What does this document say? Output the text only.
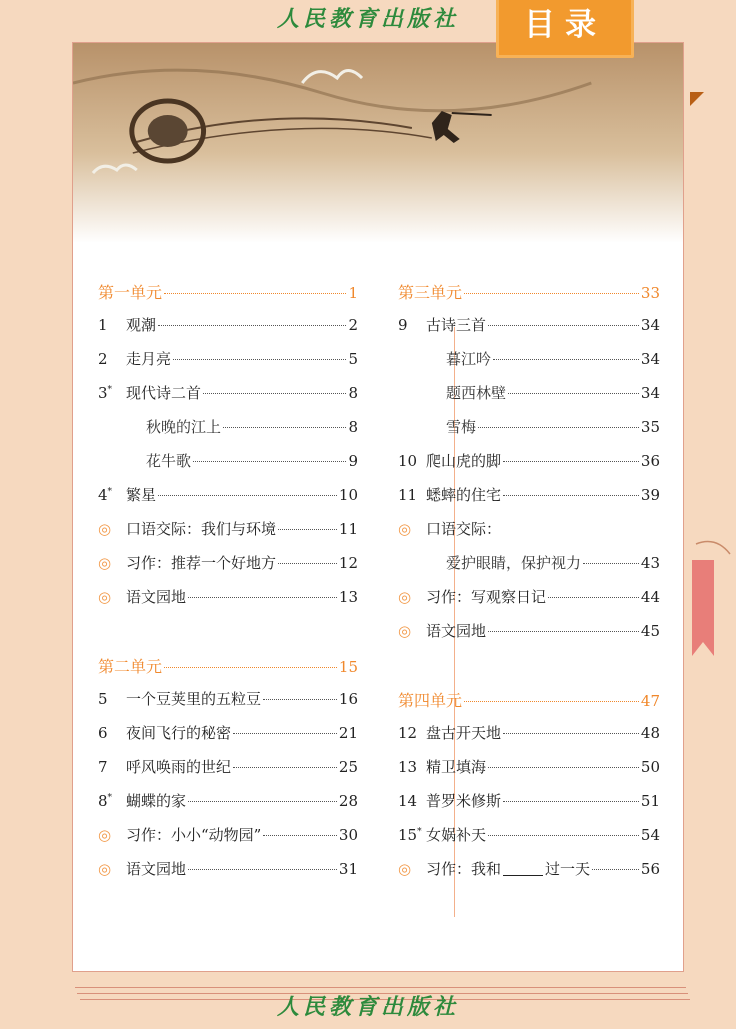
人民教育出版社	目录
第一单元	1
1	观潮	2
2	走月亮	5
3* 现代诗二首	8
秋晚的江上	8
花牛歌	9
4* 繁星	10
◎ 口语交际：我们与环境	11
◎ 习作：推荐一个好地方	12
◎ 语文园地	13
第二单元	15
5	一个豆荚里的五粒豆	16
6	夜间飞行的秘密	21
7	呼风唤雨的世纪	25
8* 蝴蝶的家	28
◎ 习作：小小“动物园”	30
◎ 语文园地	31
第三单元	33
9	古诗三首	34
暮江吟	34
题西林壁	34
雪梅	35
10 爬山虎的脚	36
11 蟋蟀的住宅	39
◎ 口语交际：
爱护眼睛，保护视力	43
◎ 习作：写观察日记	44
◎ 语文园地	45
第四单元	47
12 盘古开天地	48
13 精卫填海	50
14 普罗米修斯	51
15* 女娲补天	54
◎ 习作：我和	过一天	56
人民教育出版社
